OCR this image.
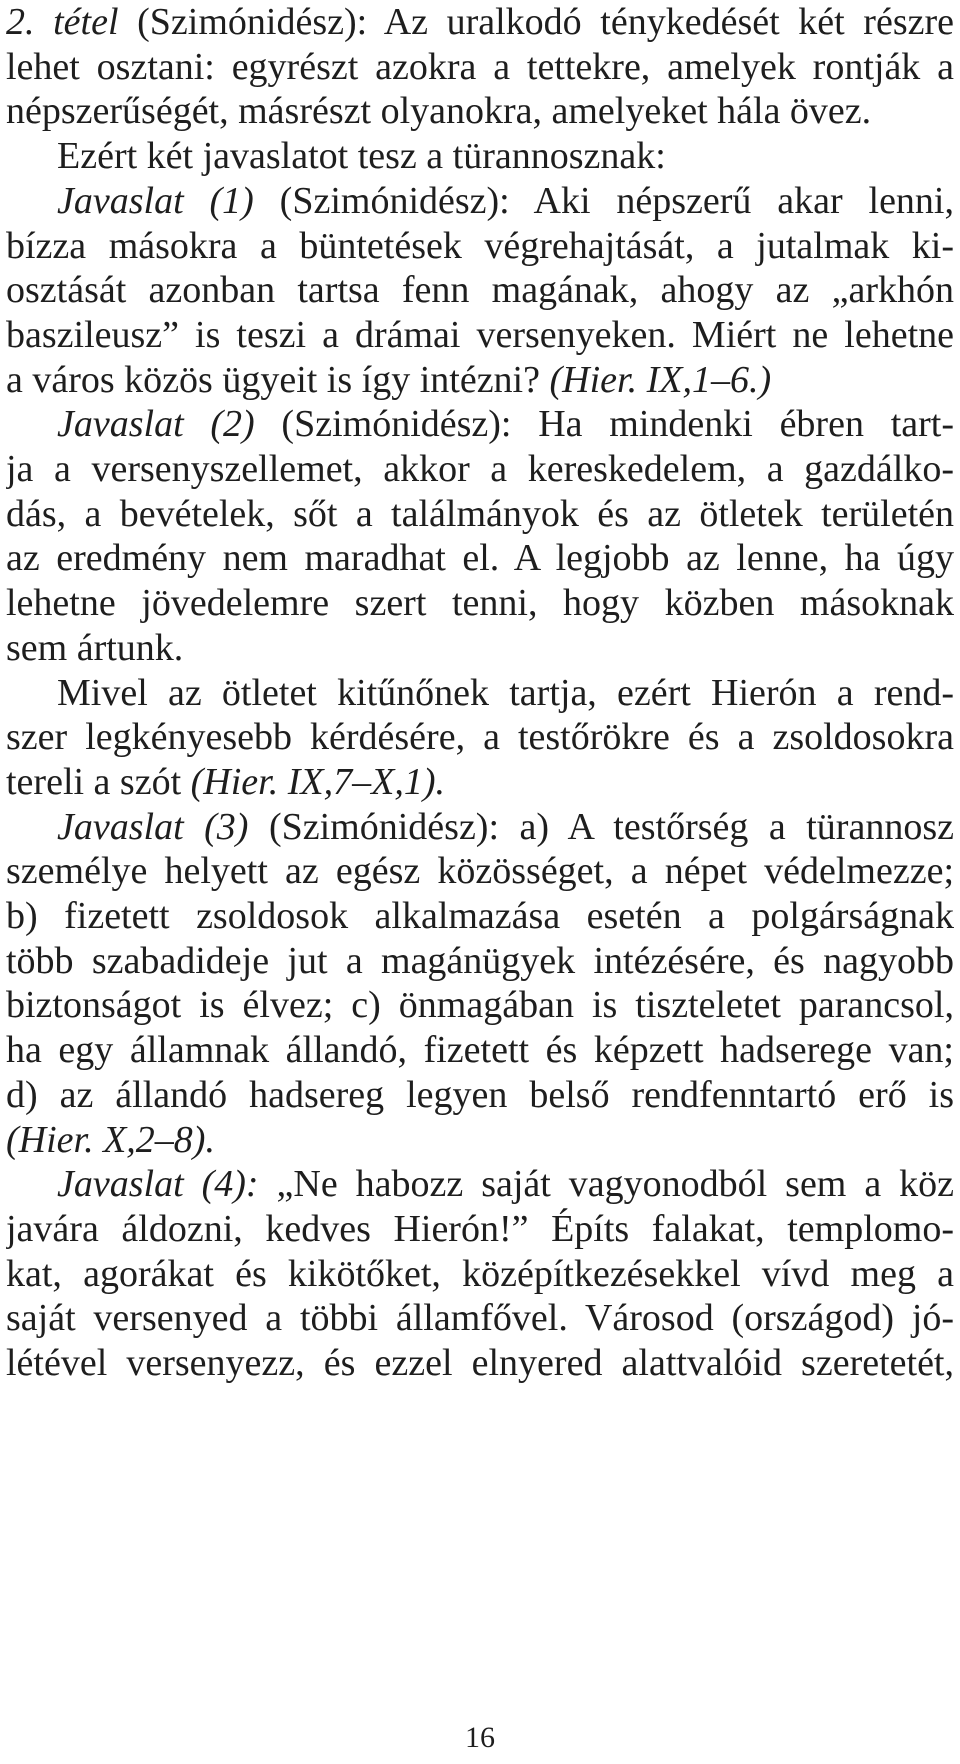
2. tétel (Szimónidész): Az uralkodó ténykedését két részre
lehet osztani: egyrészt azokra a tettekre, amelyek rontják a
népszerűségét, másrészt olyanokra, amelyeket hála övez.
Ezért két javaslatot tesz a türannosznak:
Javaslat (1) (Szimónidész): Aki népszerű akar lenni,
bízza másokra a büntetések végrehajtását, a jutalmak ki-
osztását azonban tartsa fenn magának, ahogy az „arkhón
baszileusz” is teszi a drámai versenyeken. Miért ne lehetne
a város közös ügyeit is így intézni? (Hier. IX,1–6.)
Javaslat (2) (Szimónidész): Ha mindenki ébren tart-
ja a versenyszellemet, akkor a kereskedelem, a gazdálko-
dás, a bevételek, sőt a találmányok és az ötletek területén
az eredmény nem maradhat el. A legjobb az lenne, ha úgy
lehetne jövedelemre szert tenni, hogy közben másoknak
sem ártunk.
Mivel az ötletet kitűnőnek tartja, ezért Hierón a rend-
szer legkényesebb kérdésére, a testőrökre és a zsoldosokra
tereli a szót (Hier. IX,7–X,1).
Javaslat (3) (Szimónidész): a) A testőrség a türannosz
személye helyett az egész közösséget, a népet védelmezze;
b) fizetett zsoldosok alkalmazása esetén a polgárságnak
több szabadideje jut a magánügyek intézésére, és nagyobb
biztonságot is élvez; c) önmagában is tiszteletet parancsol,
ha egy államnak állandó, fizetett és képzett hadserege van;
d) az állandó hadsereg legyen belső rendfenntartó erő is
(Hier. X,2–8).
Javaslat (4): „Ne habozz saját vagyonodból sem a köz
javára áldozni, kedves Hierón!” Építs falakat, templomo-
kat, agorákat és kikötőket, középítkezésekkel vívd meg a
saját versenyed a többi államfővel. Városod (országod) jó-
létével versenyezz, és ezzel elnyered alattvalóid szeretetét,
16
